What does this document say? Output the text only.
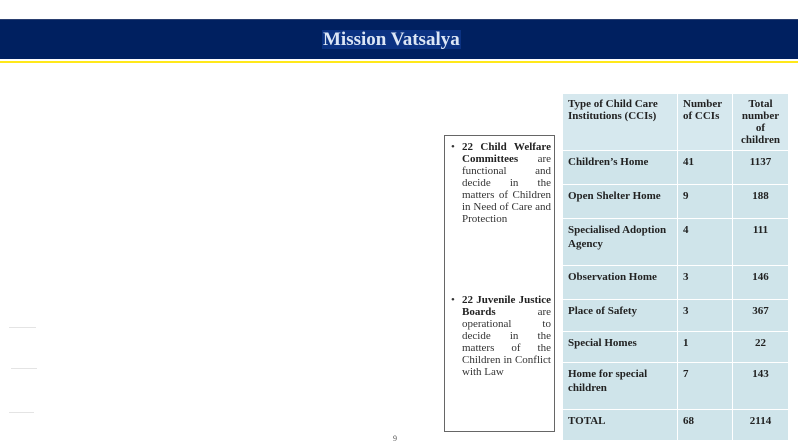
Mission Vatsalya
• 22 Child Welfare Committees are functional and decide in the matters of Children in Need of Care and Protection
• 22 Juvenile Justice Boards are operational to decide in the matters of the Children in Conflict with Law
Type of Child Care Institutions (CCIs)	Number of CCIs	Total number of children
Children’s Home	41	1137
Open Shelter Home	9	188
Specialised Adoption Agency	4	111
Observation Home	3	146
Place of Safety	3	367
Special Homes	1	22
Home for special children	7	143
TOTAL	68	2114
9
